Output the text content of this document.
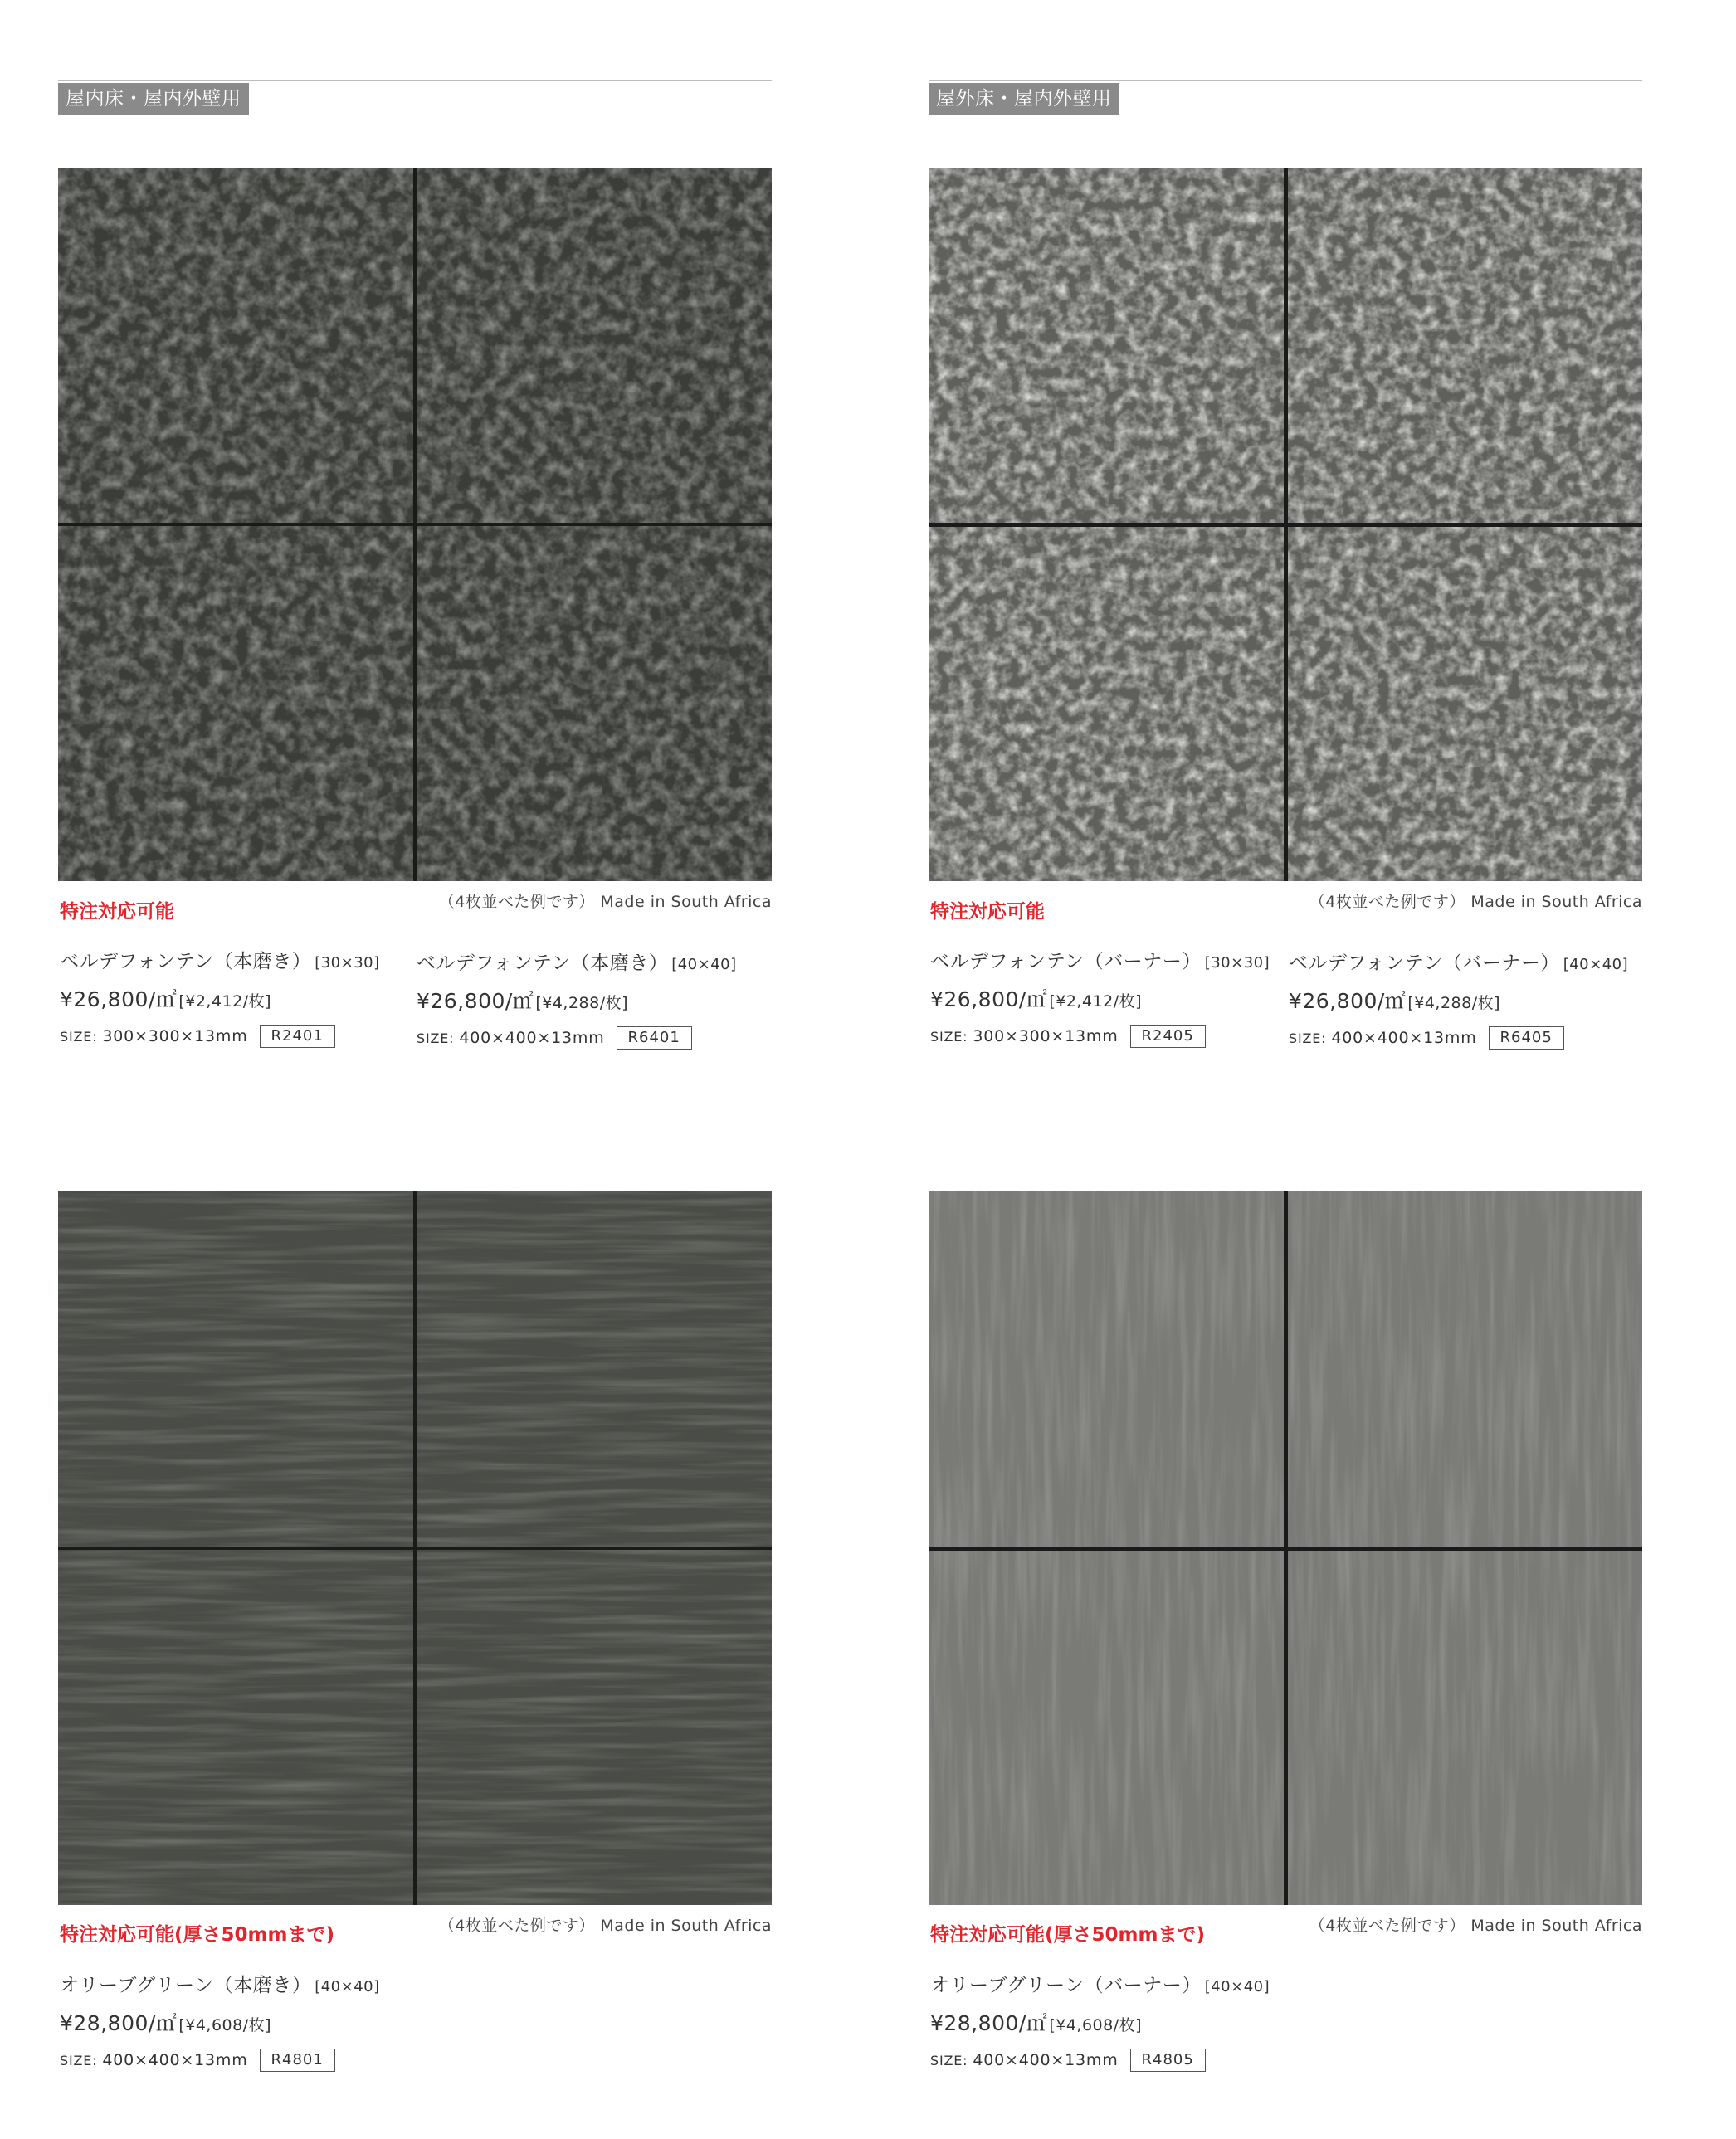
屋内床・屋内外壁用	屋外床・屋内外壁用
特注対応可能	（4枚並べた例です） Made in South Africa
ベルデフォンテン（本磨き） [30×30]
¥26,800/㎡ [¥2,412/枚]
SIZE: 300×300×13mm	R2401
ベルデフォンテン（本磨き） [40×40]
¥26,800/㎡ [¥4,288/枚]
SIZE: 400×400×13mm	R6401
特注対応可能	（4枚並べた例です） Made in South Africa
ベルデフォンテン（バーナー） [30×30]
¥26,800/㎡ [¥2,412/枚]
SIZE: 300×300×13mm	R2405
ベルデフォンテン（バーナー） [40×40]
¥26,800/㎡ [¥4,288/枚]
SIZE: 400×400×13mm	R6405
特注対応可能(厚さ50mmまで)	（4枚並べた例です） Made in South Africa
オリーブグリーン（本磨き） [40×40]
¥28,800/㎡ [¥4,608/枚]
SIZE: 400×400×13mm	R4801
特注対応可能(厚さ50mmまで)	（4枚並べた例です） Made in South Africa
オリーブグリーン（バーナー） [40×40]
¥28,800/㎡ [¥4,608/枚]
SIZE: 400×400×13mm	R4805
